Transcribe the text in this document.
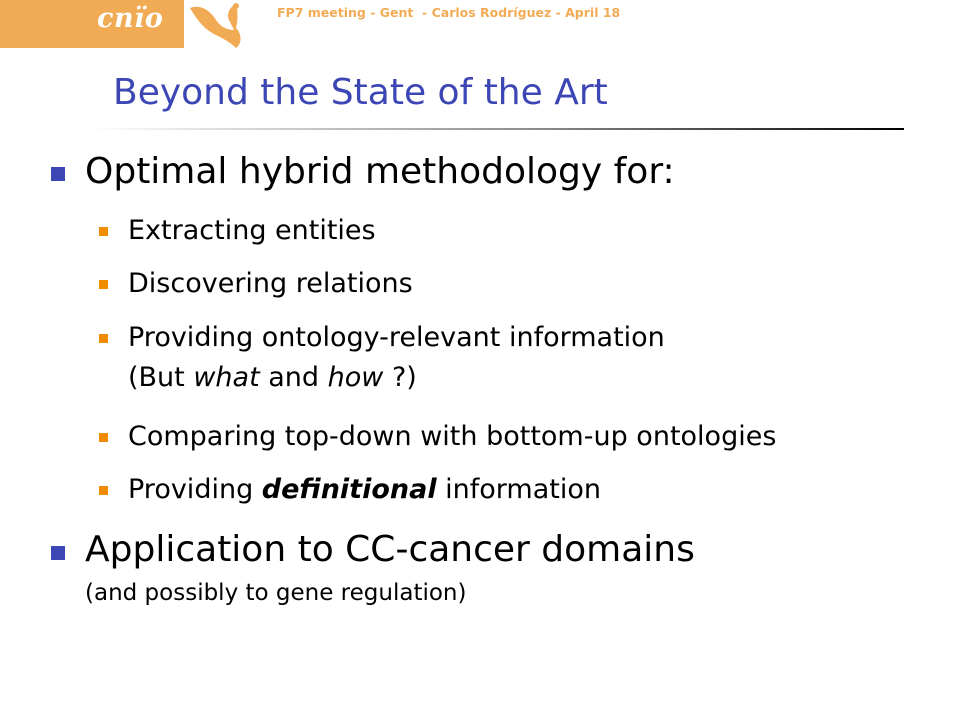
cnïo	FP7 meeting - Gent  - Carlos Rodríguez - April 18
Beyond the State of the Art
Optimal hybrid methodology for:
Extracting entities
Discovering relations
Providing ontology-relevant information
(But what and how ?)
Comparing top-down with bottom-up ontologies
Providing definitional information
Application to CC-cancer domains
(and possibly to gene regulation)
